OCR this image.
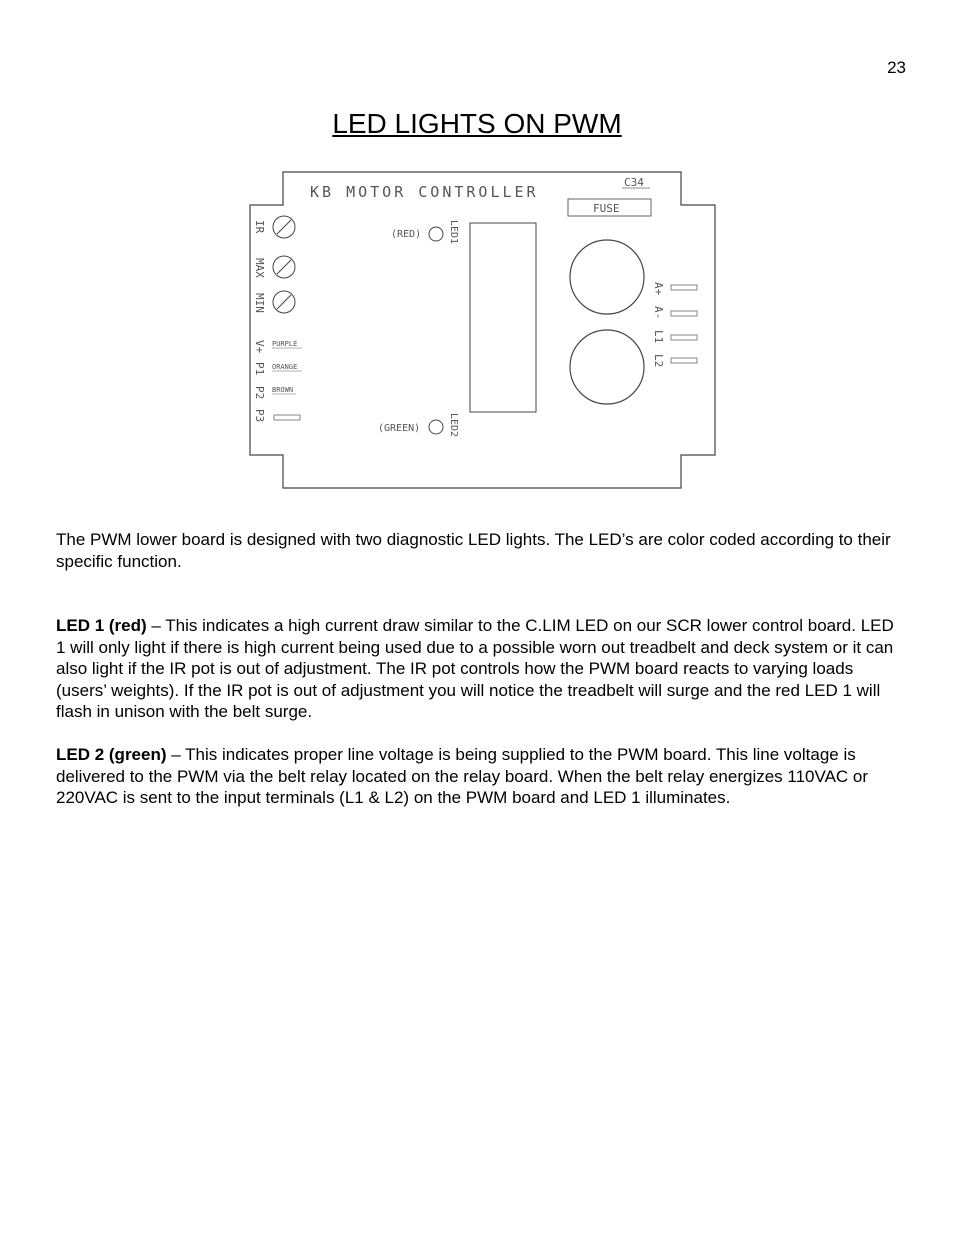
23
LED LIGHTS ON PWM
KB MOTOR CONTROLLER
C34
FUSE
IR
MAX
MIN
V+
P1
P2
P3
PURPLE
ORANGE
BROWN
(RED)	LED1
(GREEN)	LED2
A+
A-
L1
L2

The PWM lower board is designed with two diagnostic LED lights. The LED’s are color coded according to their specific function.

LED 1 (red) – This indicates a high current draw similar to the C.LIM LED on our SCR lower control board. LED 1 will only light if there is high current being used due to a possible worn out treadbelt and deck system or it can also light if the IR pot is out of adjustment. The IR pot controls how the PWM board reacts to varying loads (users’ weights). If the IR pot is out of adjustment you will notice the treadbelt will surge and the red LED 1 will flash in unison with the belt surge.

LED 2 (green) – This indicates proper line voltage is being supplied to the PWM board. This line voltage is delivered to the PWM via the belt relay located on the relay board. When the belt relay energizes 110VAC or 220VAC is sent to the input terminals (L1 & L2) on the PWM board and LED 1 illuminates.
